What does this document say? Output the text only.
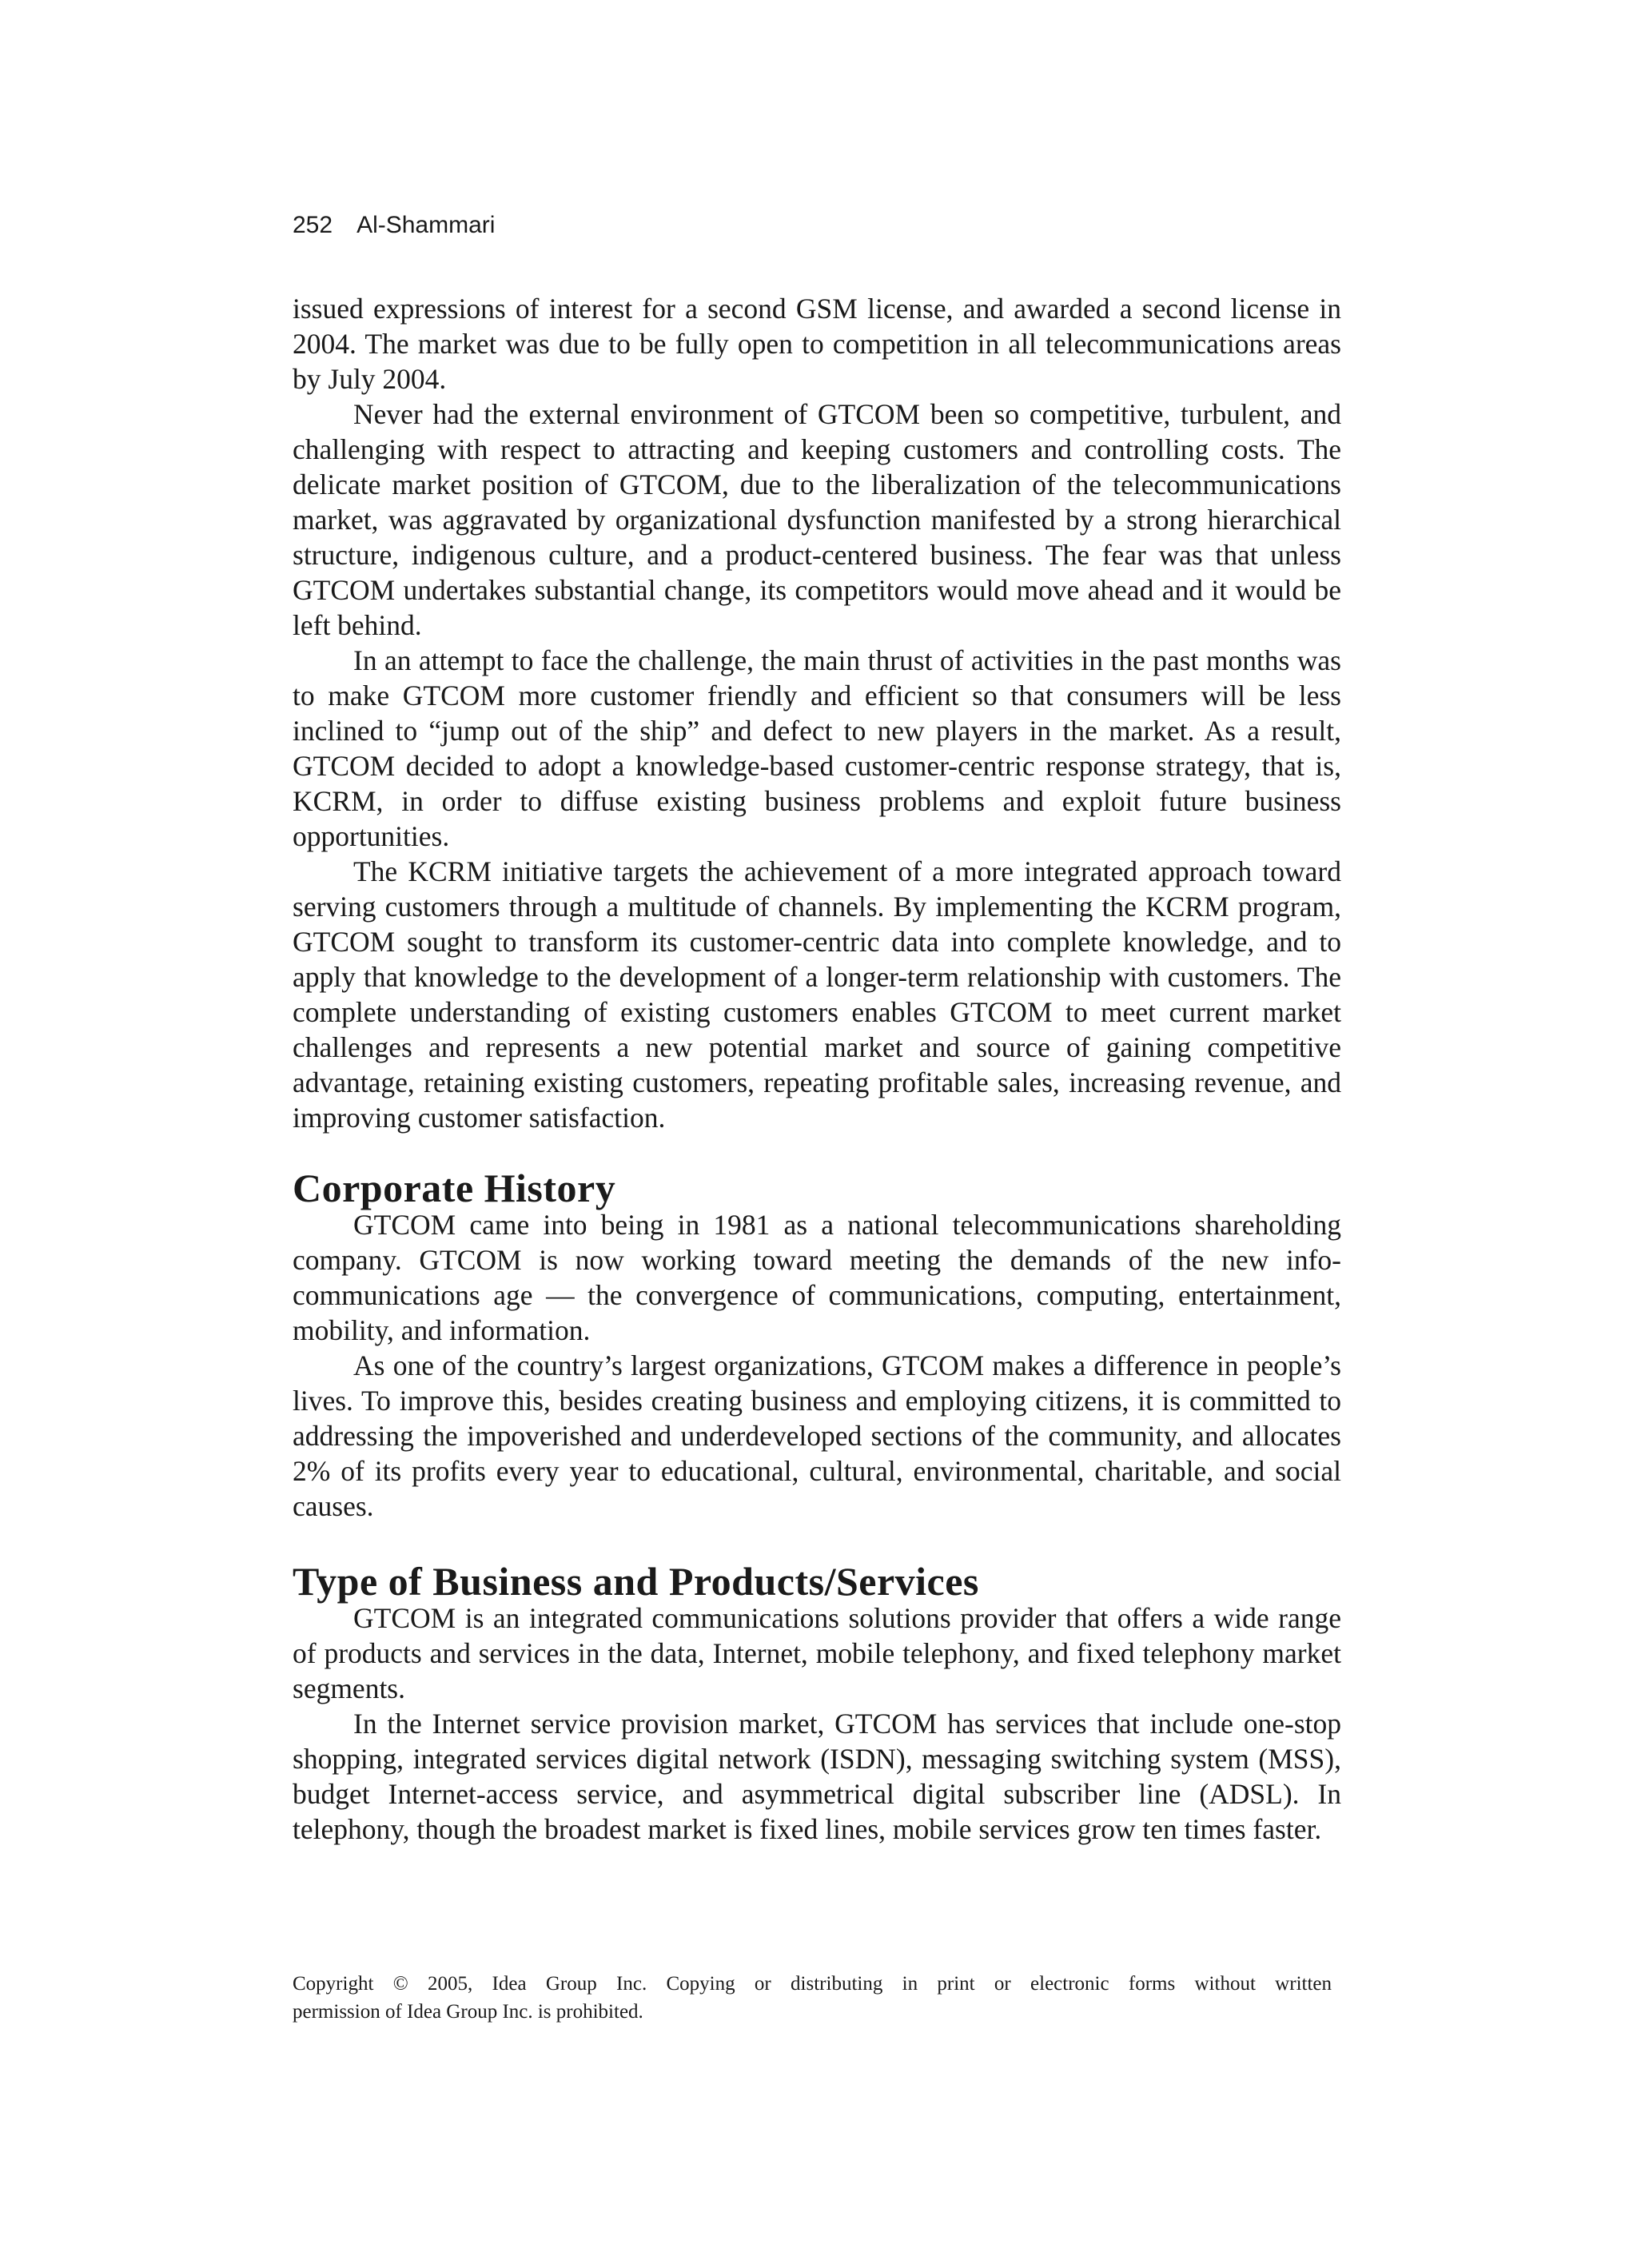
252 Al-Shammari

issued expressions of interest for a second GSM license, and awarded a second license in 2004. The market was due to be fully open to competition in all telecommunications areas by July 2004.

Never had the external environment of GTCOM been so competitive, turbulent, and challenging with respect to attracting and keeping customers and controlling costs. The delicate market position of GTCOM, due to the liberalization of the telecommunications market, was aggravated by organizational dysfunction manifested by a strong hierarchical structure, indigenous culture, and a product-centered business. The fear was that unless GTCOM undertakes substantial change, its competitors would move ahead and it would be left behind.

In an attempt to face the challenge, the main thrust of activities in the past months was to make GTCOM more customer friendly and efficient so that consumers will be less inclined to “jump out of the ship” and defect to new players in the market. As a result, GTCOM decided to adopt a knowledge-based customer-centric response strategy, that is, KCRM, in order to diffuse existing business problems and exploit future business opportunities.

The KCRM initiative targets the achievement of a more integrated approach toward serving customers through a multitude of channels. By implementing the KCRM program, GTCOM sought to transform its customer-centric data into complete knowledge, and to apply that knowledge to the development of a longer-term relationship with customers. The complete understanding of existing customers enables GTCOM to meet current market challenges and represents a new potential market and source of gaining competitive advantage, retaining existing customers, repeating profitable sales, increasing revenue, and improving customer satisfaction.

Corporate History

GTCOM came into being in 1981 as a national telecommunications shareholding company. GTCOM is now working toward meeting the demands of the new info-communications age — the convergence of communications, computing, entertainment, mobility, and information.

As one of the country’s largest organizations, GTCOM makes a difference in people’s lives. To improve this, besides creating business and employing citizens, it is committed to addressing the impoverished and underdeveloped sections of the community, and allocates 2% of its profits every year to educational, cultural, environmental, charitable, and social causes.

Type of Business and Products/Services

GTCOM is an integrated communications solutions provider that offers a wide range of products and services in the data, Internet, mobile telephony, and fixed telephony market segments.

In the Internet service provision market, GTCOM has services that include one-stop shopping, integrated services digital network (ISDN), messaging switching system (MSS), budget Internet-access service, and asymmetrical digital subscriber line (ADSL). In telephony, though the broadest market is fixed lines, mobile services grow ten times faster.

Copyright © 2005, Idea Group Inc. Copying or distributing in print or electronic forms without written
permission of Idea Group Inc. is prohibited.
